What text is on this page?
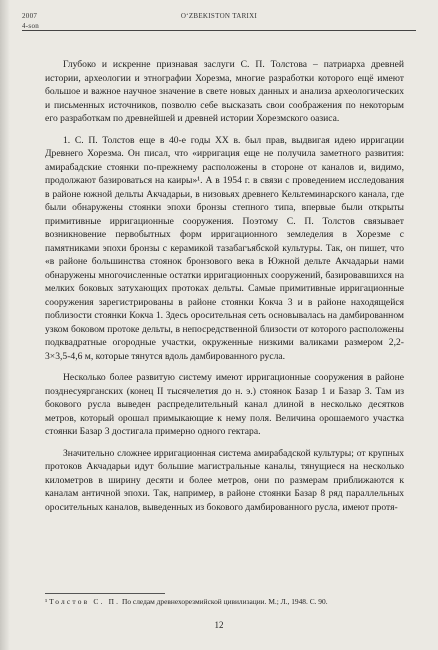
2007	O‘ZBEKISTON TARIXI
4-son

Глубоко и искренне признавая заслуги С. П. Толстова – патриарха древней истории, археологии и этнографии Хорезма, многие разработки которого ещё имеют большое и важное научное значение в свете новых данных и анализа археологических и письменных источников, позволю себе высказать свои соображения по некоторым его разработкам по древнейшей и древней истории Хорезмского оазиса.

1. С. П. Толстов еще в 40-е годы XX в. был прав, выдвигая идею ирригации Древнего Хорезма. Он писал, что «ирригация еще не получила заметного развития: амирабадские стоянки по-прежнему расположены в стороне от каналов и, видимо, продолжают базироваться на каиры»¹. А в 1954 г. в связи с проведением исследования в районе южной дельты Акчадарьи, в низовьях древнего Кельтеминарского канала, где были обнаружены стоянки эпохи бронзы степного типа, впервые были открыты примитивные ирригационные сооружения. Поэтому С. П. Толстов связывает возникновение первобытных форм ирригационного земледелия в Хорезме с памятниками эпохи бронзы с керамикой тазабагъябской культуры. Так, он пишет, что «в районе большинства стоянок бронзового века в Южной дельте Акчадарьи нами обнаружены многочисленные остатки ирригационных сооружений, базировавшихся на мелких боковых затухающих протоках дельты. Самые примитивные ирригационные сооружения зарегистрированы в районе стоянки Кокча 3 и в районе находящейся поблизости стоянки Кокча 1. Здесь оросительная сеть основывалась на дамбированном узком боковом протоке дельты, в непосредственной близости от которого расположены подквадратные огородные участки, окруженные низкими валиками размером 2,2-3×3,5-4,6 м, которые тянутся вдоль дамбированного русла.

Несколько более развитую систему имеют ирригационные сооружения в районе позднесуярганских (конец II тысячелетия до н. э.) стоянок Базар 1 и Базар 3. Там из бокового русла выведен распределительный канал длиной в несколько десятков метров, который орошал примыкающие к нему поля. Величина орошаемого участка стоянки Базар 3 достигала примерно одного гектара.

Значительно сложнее ирригационная система амирабадской культуры; от крупных протоков Акчадарьи идут большие магистральные каналы, тянущиеся на несколько километров в ширину десяти и более метров, они по размерам приближаются к каналам античной эпохи. Так, например, в районе стоянки Базар 8 ряд параллельных оросительных каналов, выведенных из бокового дамбированного русла, имеют протя-

¹ Толстов С. П. По следам древнехорезмийской цивилизации. М.; Л., 1948. С. 90.
12
